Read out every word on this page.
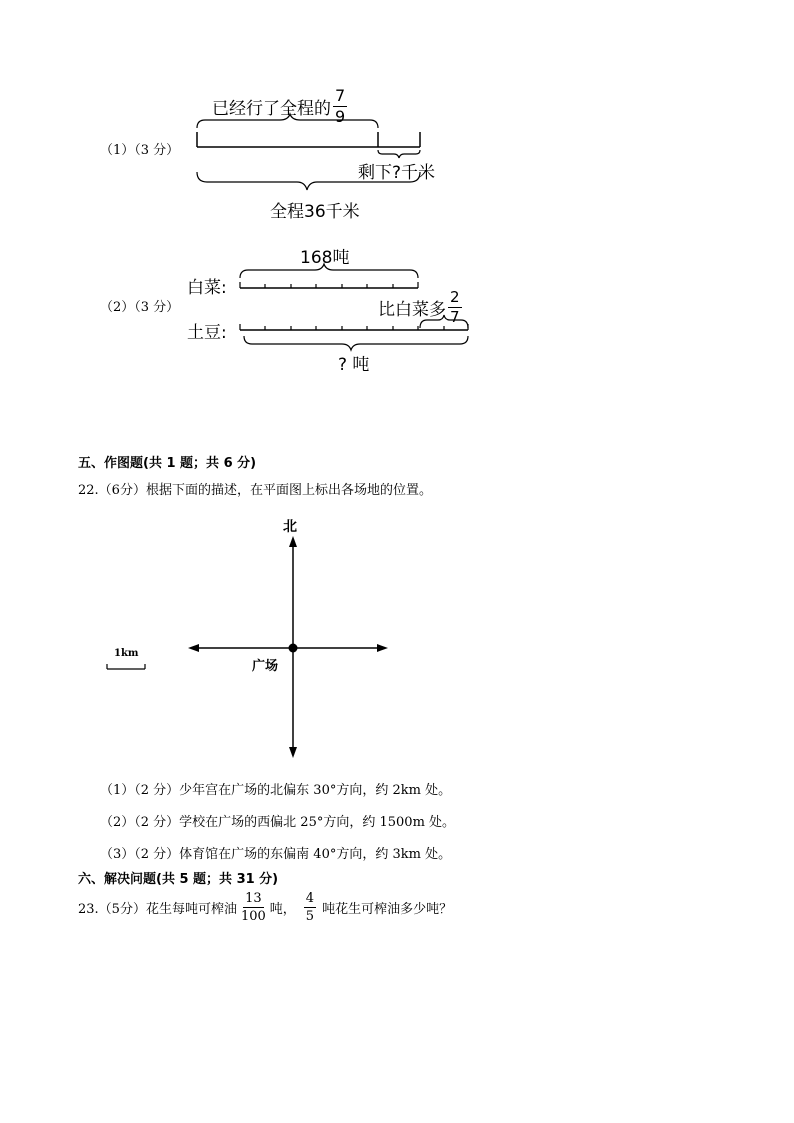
（1）（3 分）
已经行了全程的 $\frac{7}{9}$
剩下?千米
全程36千米
（2）（3 分）
168吨
白菜:
土豆:
比白菜多 $\frac{2}{7}$
? 吨
五、作图题(共 1 题；共 6 分)
22.（6分）根据下面的描述，在平面图上标出各场地的位置。
北
广场
1km
（1）（2 分）少年宫在广场的北偏东 30°方向，约 2km 处。
（2）（2 分）学校在广场的西偏北 25°方向，约 1500m 处。
（3）（2 分）体育馆在广场的东偏南 40°方向，约 3km 处。
六、解决问题(共 5 题；共 31 分)
23.（5分）花生每吨可榨油 $\frac{13}{100}$ 吨， $\frac{4}{5}$ 吨花生可榨油多少吨？
